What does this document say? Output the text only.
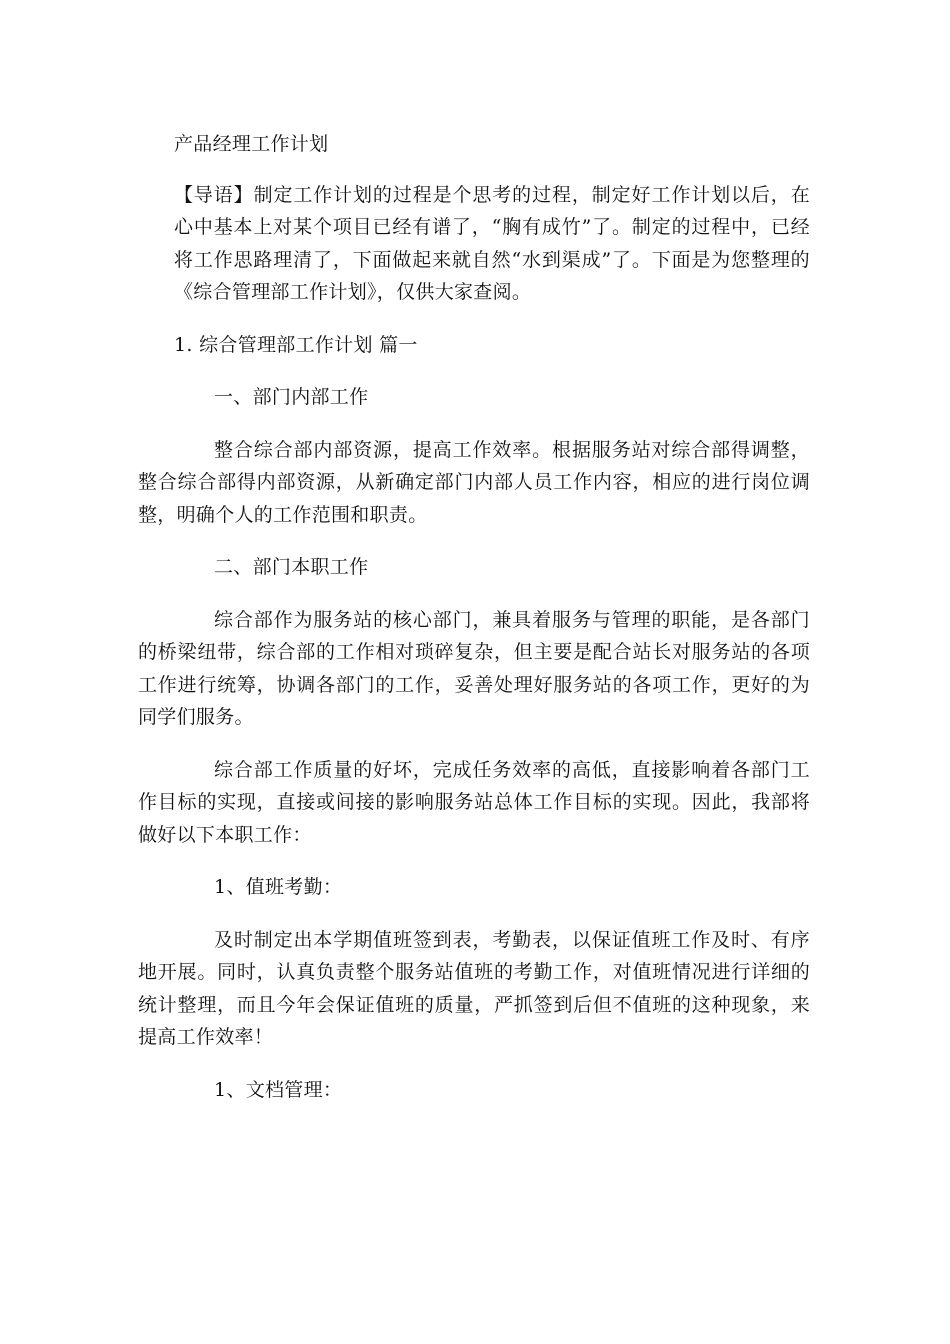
产品经理工作计划

【导语】制定工作计划的过程是个思考的过程，制定好工作计划以后，在心中基本上对某个项目已经有谱了，“胸有成竹”了。制定的过程中，已经将工作思路理清了，下面做起来就自然“水到渠成”了。下面是为您整理的《综合管理部工作计划》，仅供大家查阅。

1. 综合管理部工作计划 篇一

一、部门内部工作

整合综合部内部资源，提高工作效率。根据服务站对综合部得调整，整合综合部得内部资源，从新确定部门内部人员工作内容，相应的进行岗位调整，明确个人的工作范围和职责。

二、部门本职工作

综合部作为服务站的核心部门，兼具着服务与管理的职能，是各部门的桥梁纽带，综合部的工作相对琐碎复杂，但主要是配合站长对服务站的各项工作进行统筹，协调各部门的工作，妥善处理好服务站的各项工作，更好的为同学们服务。

综合部工作质量的好坏，完成任务效率的高低，直接影响着各部门工作目标的实现，直接或间接的影响服务站总体工作目标的实现。因此，我部将做好以下本职工作：

1、值班考勤：

及时制定出本学期值班签到表，考勤表，以保证值班工作及时、有序地开展。同时，认真负责整个服务站值班的考勤工作，对值班情况进行详细的统计整理，而且今年会保证值班的质量，严抓签到后但不值班的这种现象，来提高工作效率！

1、文档管理：
